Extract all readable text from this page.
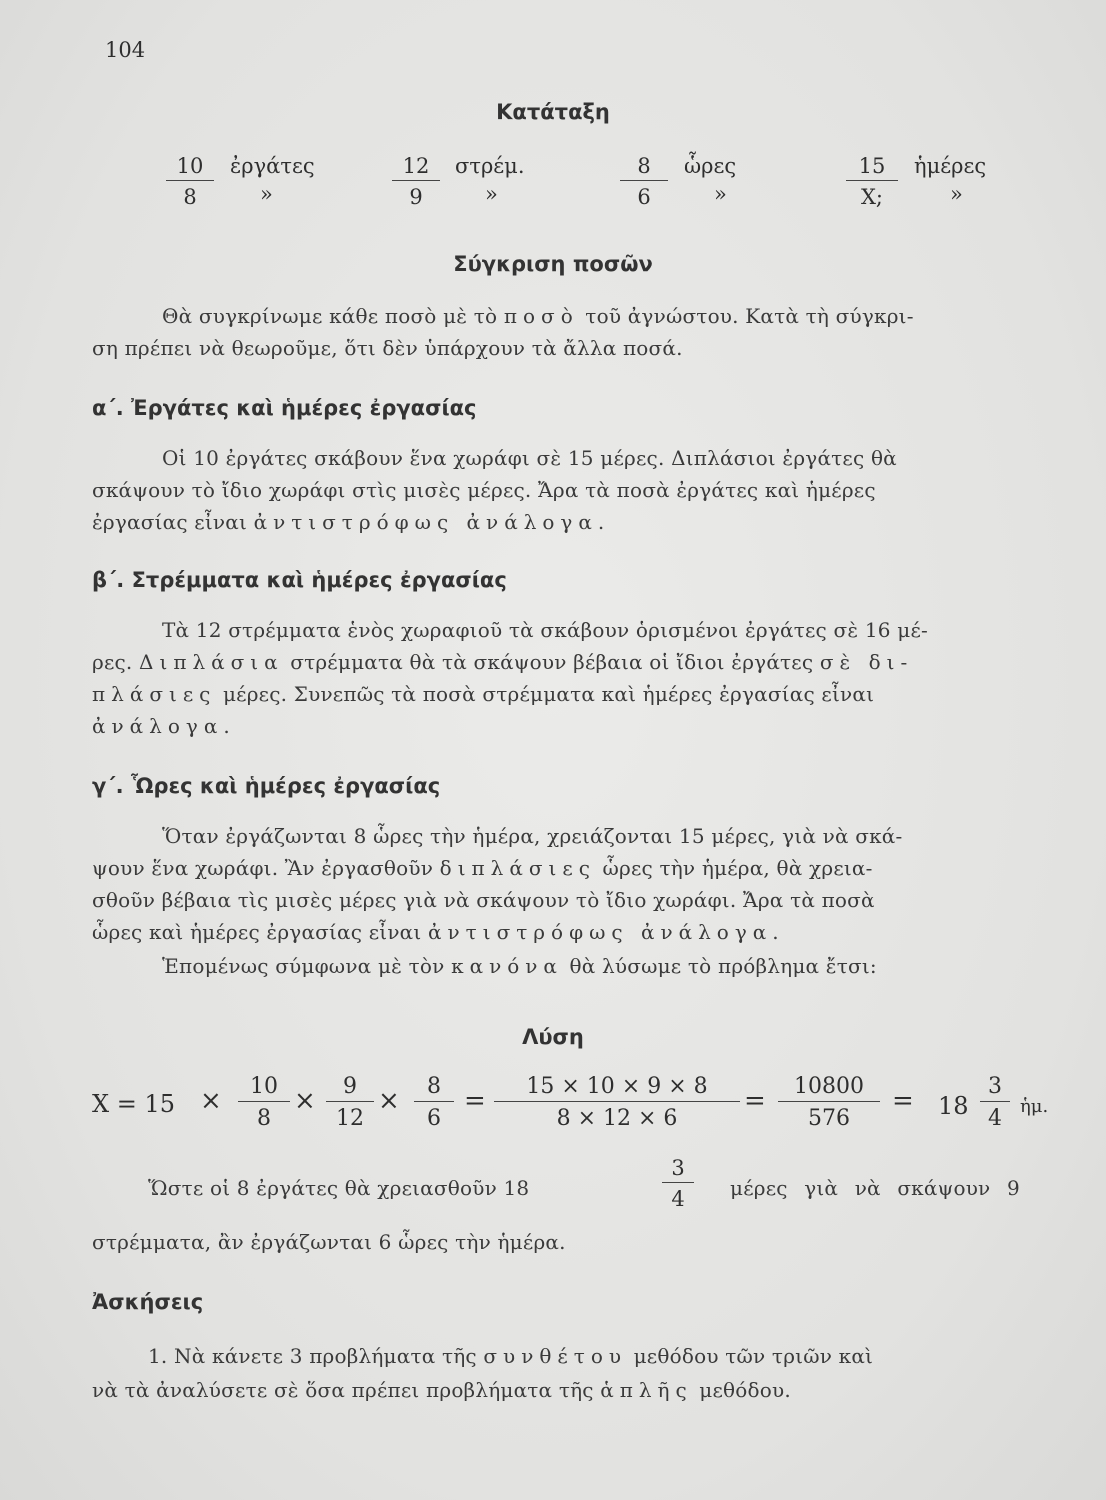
104
Κατάταξη
$\frac{10}{8}$ ἐργάτες
»	$\frac{12}{9} \sigma\tau\rho έ\mu$.
»	$\frac{8}{6}$ ὧρες
»	$\frac{15}{X;}$ ἡμέρες
»
Σύγκριση ποσῶν
Θὰ συγκρίνωμε κάθε ποσὸ μὲ τὸ ποσὸ τοῦ ἀγνώστου. Κατὰ τὴ σύγκρι-
ση πρέπει νὰ θεωροῦμε, ὅτι δὲν ὑπάρχουν τὰ ἄλλα ποσά.
α΄. Ἐργάτες καὶ ἡμέρες ἐργασίας
Οἱ 10 ἐργάτες σκάβουν ἕνα χωράφι σὲ 15 μέρες. Διπλάσιοι ἐργάτες θὰ
σκάψουν τὸ ἴδιο χωράφι στὶς μισὲς μέρες. Ἄρα τὰ ποσὰ ἐργάτες καὶ ἡμέρες
ἐργασίας εἶναι ἀντιστρόφως ἀνάλογα.
β΄. Στρέμματα καὶ ἡμέρες ἐργασίας
Τὰ 12 στρέμματα ἑνὸς χωραφιοῦ τὰ σκάβουν ὁρισμένοι ἐργάτες σὲ 16 μέ-
ρες. Διπλάσια στρέμματα θὰ τὰ σκάψουν βέβαια οἱ ἴδιοι ἐργάτες σὲ δι-
πλάσιες μέρες. Συνεπῶς τὰ ποσὰ στρέμματα καὶ ἡμέρες ἐργασίας εἶναι
ἀνάλογα.
γ΄. Ὧρες καὶ ἡμέρες ἐργασίας
Ὅταν ἐργάζωνται 8 ὧρες τὴν ἡμέρα, χρειάζονται 15 μέρες, γιὰ νὰ σκά-
ψουν ἕνα χωράφι. Ἂν ἐργασθοῦν διπλάσιες ὧρες τὴν ἡμέρα, θὰ χρεια-
σθοῦν βέβαια τὶς μισὲς μέρες γιὰ νὰ σκάψουν τὸ ἴδιο χωράφι. Ἄρα τὰ ποσὰ
ὧρες καὶ ἡμέρες ἐργασίας εἶναι ἀντιστρόφως ἀνάλογα.
Ἑπομένως σύμφωνα μὲ τὸν κανόνα θὰ λύσωμε τὸ πρόβλημα ἔτσι:
Λύση
$X = 15 \times \frac{10}{8} \times \frac{9}{12} \times \frac{8}{6} = \frac{15 \times 10 \times 9 \times 8}{8 \times 12 \times 6} = \frac{10800}{576} = 18 \frac{3}{4}$ ἡμ.
Ὥστε οἱ 8 ἐργάτες θὰ χρειασθοῦν 18	$\frac{3}{4}$ μέρες γιὰ νὰ σκάψουν 9
στρέμματα, ἂν ἐργάζωνται 6 ὧρες τὴν ἡμέρα.
Ἀσκήσεις
1. Νὰ κάνετε 3 προβλήματα τῆς συνθέτου μεθόδου τῶν τριῶν καὶ
νὰ τὰ ἀναλύσετε σὲ ὅσα πρέπει προβλήματα τῆς ἁπλῆς μεθόδου.
